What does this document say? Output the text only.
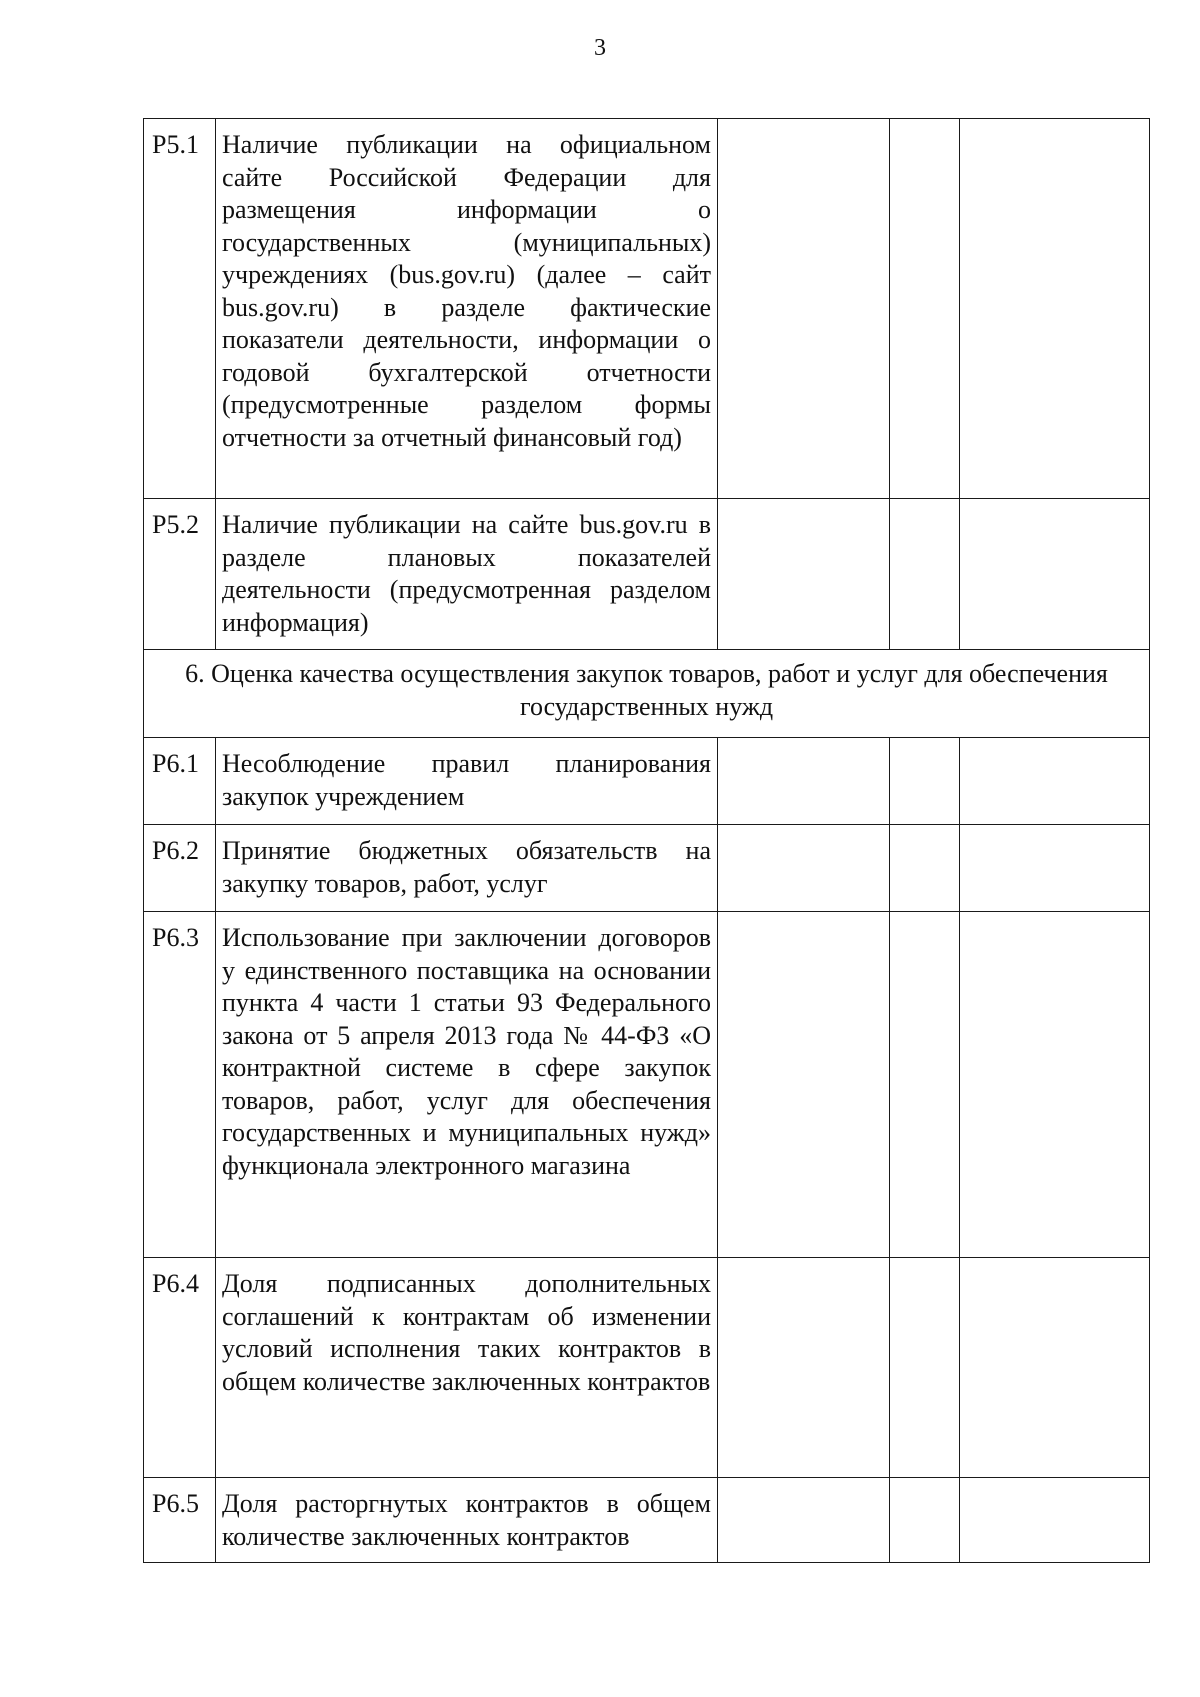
3
Р5.1	Наличие публикации на официальном сайте Российской Федерации для размещения информации о государственных (муниципальных) учреждениях (bus.gov.ru) (далее – сайт bus.gov.ru) в разделе фактические показатели деятельности, информации о годовой бухгалтерской отчетности (предусмотренные разделом формы отчетности за отчетный финансовый год)			
Р5.2	Наличие публикации на сайте bus.gov.ru в разделе плановых показателей деятельности (предусмотренная разделом информация)			
6. Оценка качества осуществления закупок товаров, работ и услуг для обеспечения государственных нужд				
Р6.1	Несоблюдение правил планирования закупок учреждением			
Р6.2	Принятие бюджетных обязательств на закупку товаров, работ, услуг			
Р6.3	Использование при заключении договоров у единственного поставщика на основании пункта 4 части 1 статьи 93 Федерального закона от 5 апреля 2013 года № 44-ФЗ «О контрактной системе в сфере закупок товаров, работ, услуг для обеспечения государственных и муниципальных нужд» функционала электронного магазина			
Р6.4	Доля подписанных дополнительных соглашений к контрактам об изменении условий исполнения таких контрактов в общем количестве заключенных контрактов			
Р6.5	Доля расторгнутых контрактов в общем количестве заключенных контрактов			
